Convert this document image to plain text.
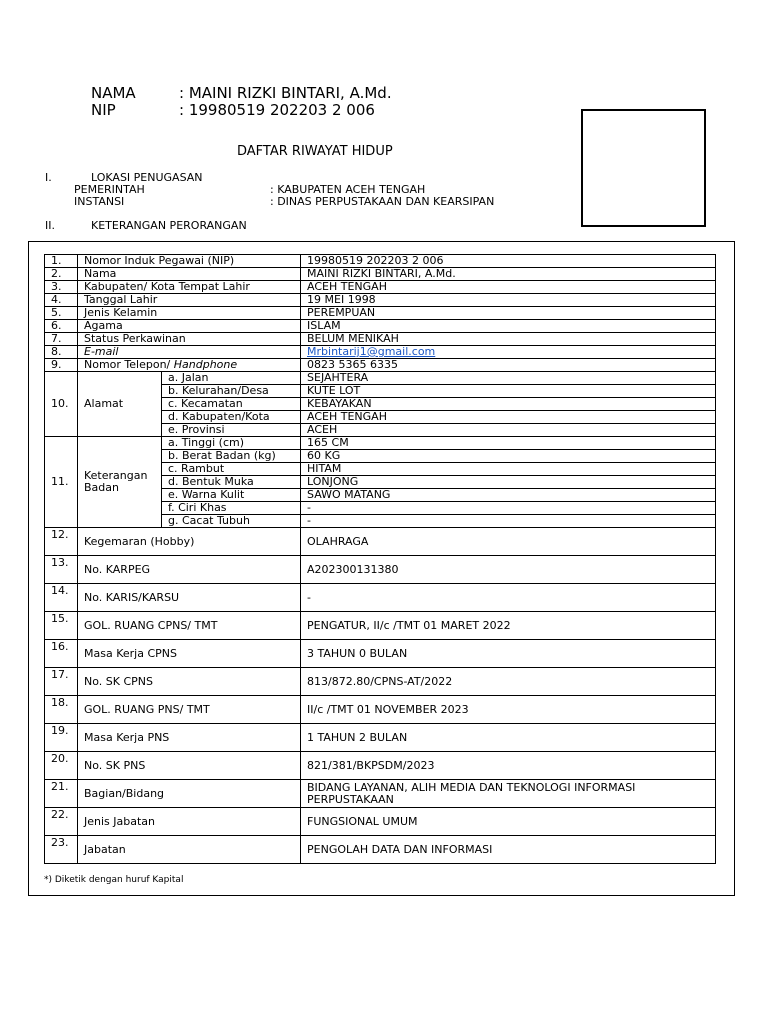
NAMA	: MAINI RIZKI BINTARI, A.Md.
NIP	: 19980519 202203 2 006
DAFTAR RIWAYAT HIDUP
I.	LOKASI PENUGASAN
PEMERINTAH	: KABUPATEN ACEH TENGAH
INSTANSI	: DINAS PERPUSTAKAAN DAN KEARSIPAN
II.	KETERANGAN PERORANGAN
1.	Nomor Induk Pegawai (NIP)		19980519 202203 2 006
2.	Nama		MAINI RIZKI BINTARI, A.Md.
3.	Kabupaten/ Kota Tempat Lahir		ACEH TENGAH
4.	Tanggal Lahir		19 MEI 1998
5.	Jenis Kelamin		PEREMPUAN
6.	Agama		ISLAM
7.	Status Perkawinan		BELUM MENIKAH
8.	E-mail		Mrbintarij1@gmail.com
9.	Nomor Telepon/ Handphone		0823 5365 6335
10.	Alamat	a. Jalan	SEJAHTERA
		b. Kelurahan/Desa	KUTE LOT
		c. Kecamatan	KEBAYAKAN
		d. Kabupaten/Kota	ACEH TENGAH
		e. Provinsi	ACEH
11.	Keterangan Badan	a. Tinggi (cm)	165 CM
		b. Berat Badan (kg)	60 KG
		c. Rambut	HITAM
		d. Bentuk Muka	LONJONG
		e. Warna Kulit	SAWO MATANG
		f. Ciri Khas	-
		g. Cacat Tubuh	-
12.	Kegemaran (Hobby)		OLAHRAGA
13.	No. KARPEG		A202300131380
14.	No. KARIS/KARSU		-
15.	GOL. RUANG CPNS/ TMT		PENGATUR, II/c /TMT 01 MARET 2022
16.	Masa Kerja CPNS		3 TAHUN 0 BULAN
17.	No. SK CPNS		813/872.80/CPNS-AT/2022
18.	GOL. RUANG PNS/ TMT		II/c /TMT 01 NOVEMBER 2023
19.	Masa Kerja PNS		1 TAHUN 2 BULAN
20.	No. SK PNS		821/381/BKPSDM/2023
21.	Bagian/Bidang		BIDANG LAYANAN, ALIH MEDIA DAN TEKNOLOGI INFORMASI PERPUSTAKAAN
22.	Jenis Jabatan		FUNGSIONAL UMUM
23.	Jabatan		PENGOLAH DATA DAN INFORMASI
*) Diketik dengan huruf Kapital
